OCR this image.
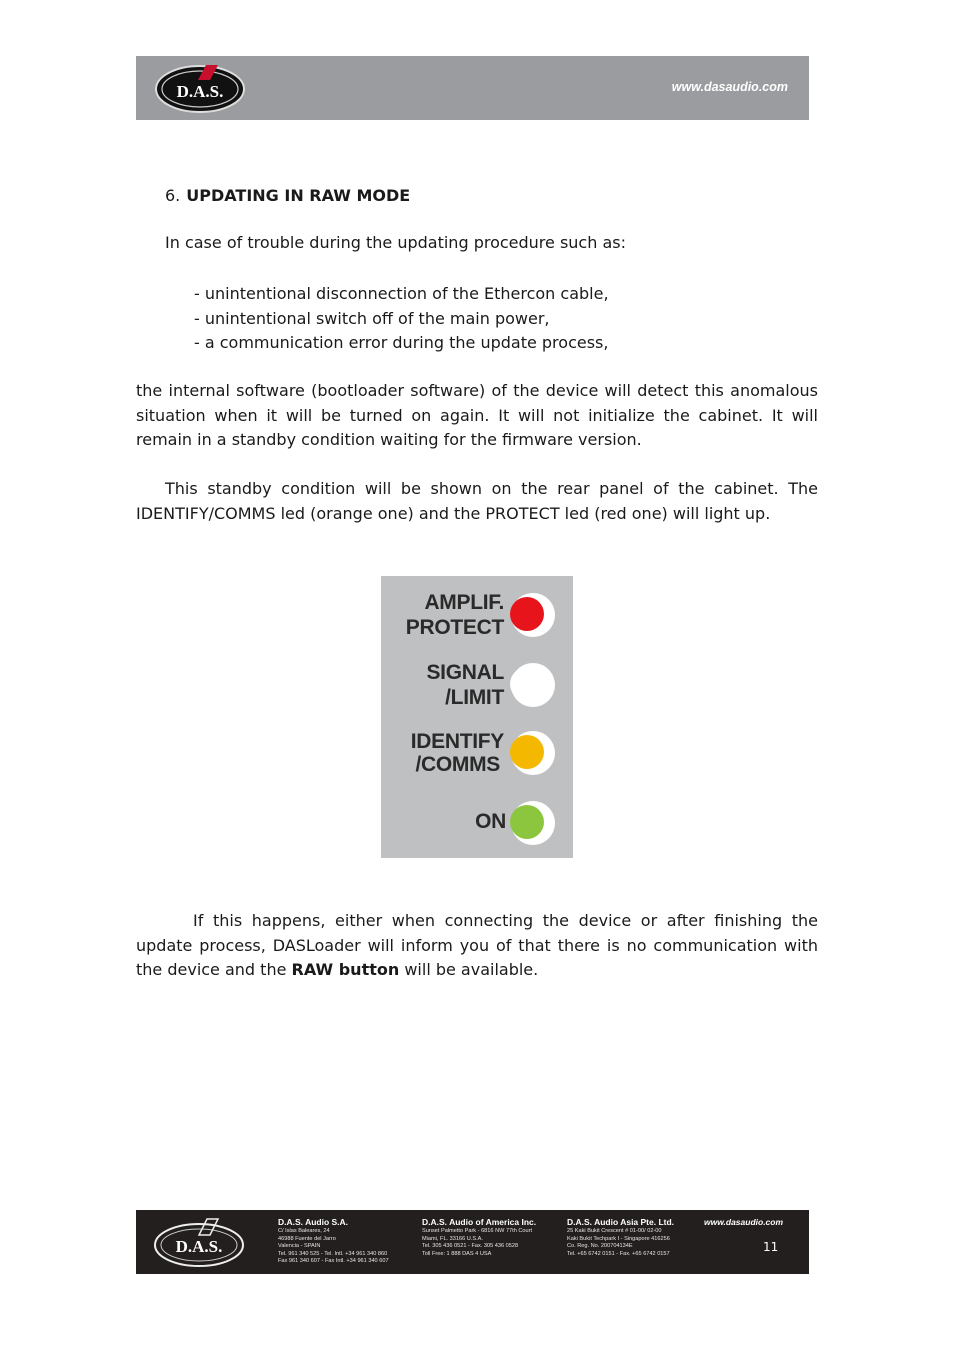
D.A.S.	www.dasaudio.com
6. UPDATING IN RAW MODE
In case of trouble during the updating procedure such as:
- unintentional disconnection of the Ethercon cable,
- unintentional switch off of the main power,
- a communication error during the update process,
the internal software (bootloader software) of the device will detect this anomalous situation when it will be turned on again. It will not initialize the cabinet. It will remain in a standby condition waiting for the firmware version.
This standby condition will be shown on the rear panel of the cabinet. The IDENTIFY/COMMS led (orange one) and the PROTECT led (red one) will light up.
AMPLIF.
PROTECT
SIGNAL
/LIMIT
IDENTIFY
/COMMS
ON
If this happens, either when connecting the device or after finishing the update process, DASLoader will inform you of that there is no communication with the device and the RAW button will be available.
D.A.S.
D.A.S. Audio S.A.
C/ Islas Baleares, 24
46988 Fuente del Jarro
Valencia - SPAIN
Tel. 961 340 525 - Tel. Intl. +34 961 340 860
Fax 961 340 607 - Fax Intl. +34 961 340 607
D.A.S. Audio of America Inc.
Sunset Palmetto Park - 6816 NW 77th Court
Miami, FL. 33166 U.S.A.
Tel. 305 436 0521 - Fax. 305 436 0528
Toll Free: 1 888 DAS 4 USA
D.A.S. Audio Asia Pte. Ltd.
25 Kaki Bukit Crescent # 01-00/ 02-00
Kaki Bukit Techpark I - Singapore 416256
Co. Reg. No. 200704134E
Tel. +65 6742 0151 - Fax. +65 6742 0157
www.dasaudio.com
11
